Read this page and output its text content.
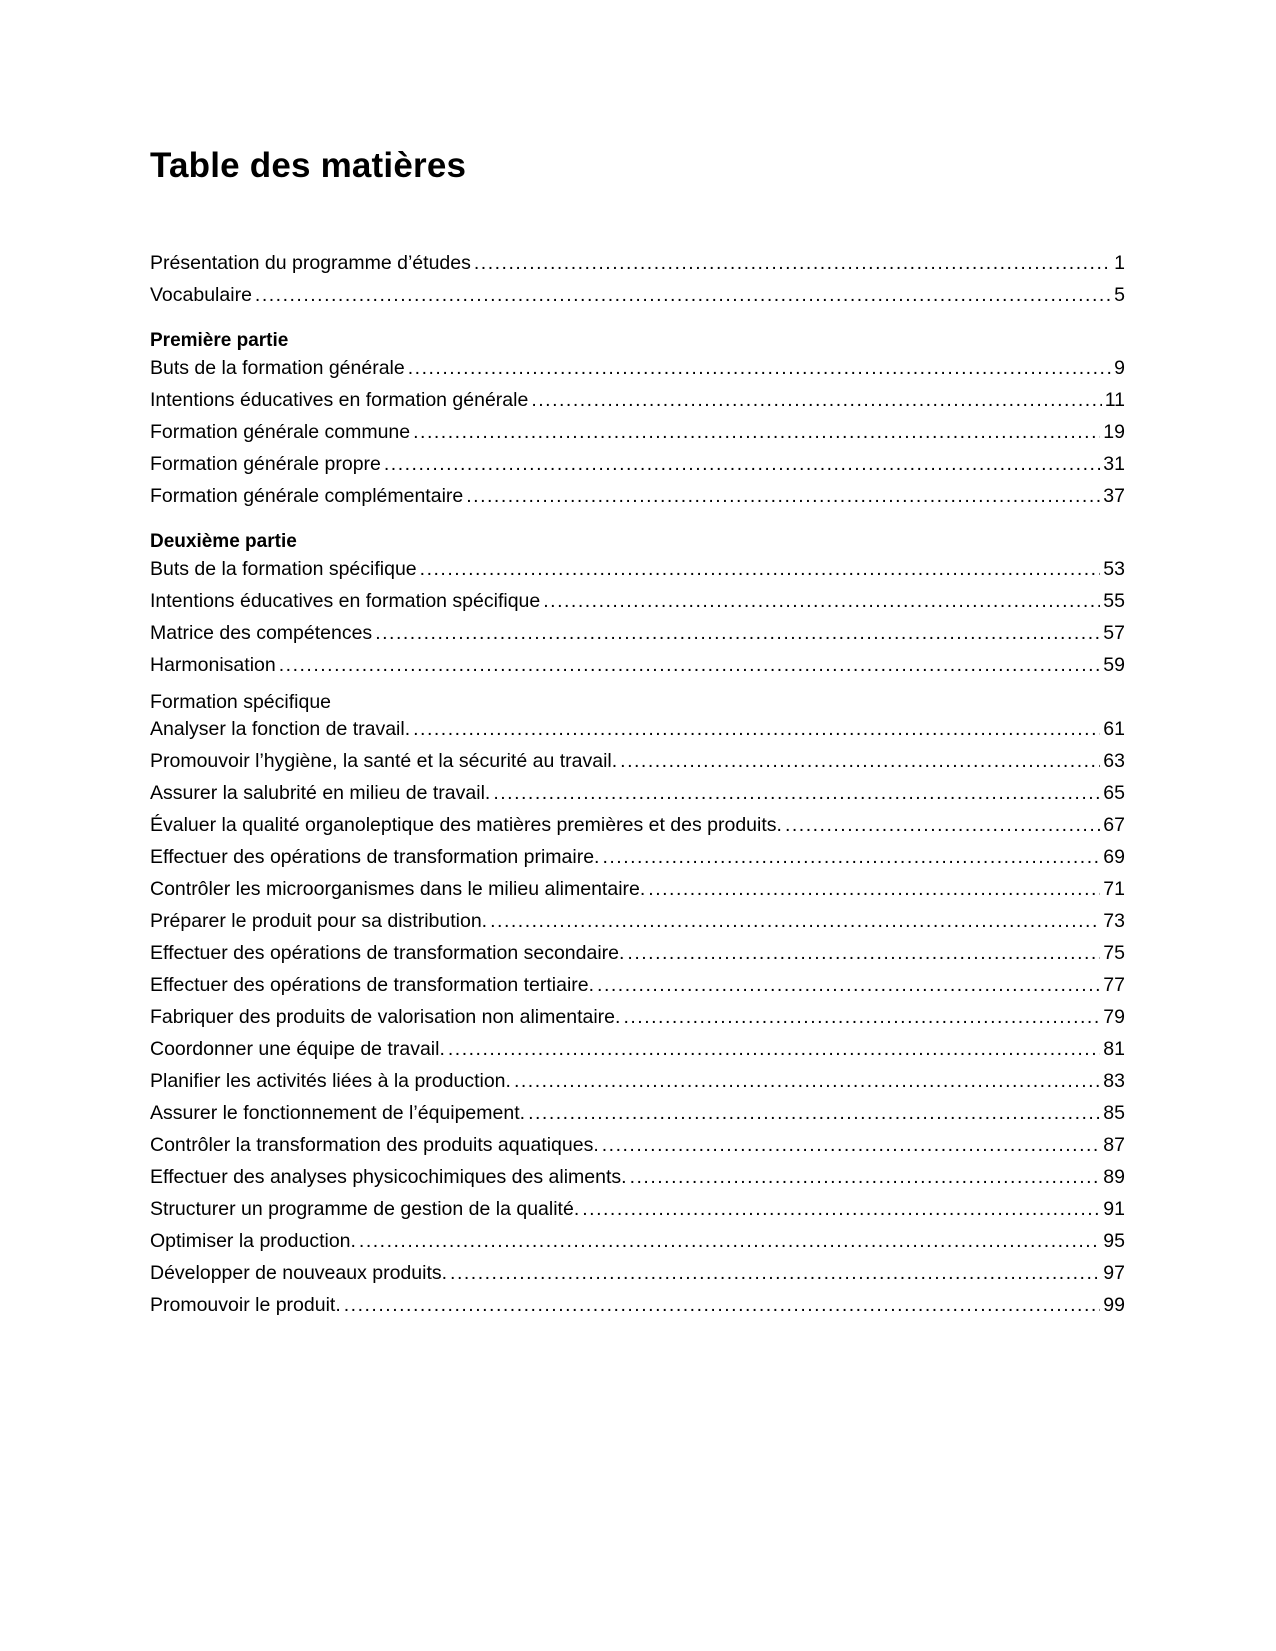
Table des matières
Présentation du programme d’études .....	1
Vocabulaire .....	5
Première partie
Buts de la formation générale .....	9
Intentions éducatives en formation générale .....	11
Formation générale commune .....	19
Formation générale propre .....	31
Formation générale complémentaire .....	37
Deuxième partie
Buts de la formation spécifique .....	53
Intentions éducatives en formation spécifique .....	55
Matrice des compétences .....	57
Harmonisation .....	59
Formation spécifique
Analyser la fonction de travail. .....	61
Promouvoir l’hygiène, la santé et la sécurité au travail. .....	63
Assurer la salubrité en milieu de travail. .....	65
Évaluer la qualité organoleptique des matières premières et des produits. .....	67
Effectuer des opérations de transformation primaire. .....	69
Contrôler les microorganismes dans le milieu alimentaire. .....	71
Préparer le produit pour sa distribution. .....	73
Effectuer des opérations de transformation secondaire. .....	75
Effectuer des opérations de transformation tertiaire. .....	77
Fabriquer des produits de valorisation non alimentaire. .....	79
Coordonner une équipe de travail. .....	81
Planifier les activités liées à la production. .....	83
Assurer le fonctionnement de l’équipement. .....	85
Contrôler la transformation des produits aquatiques. .....	87
Effectuer des analyses physicochimiques des aliments. .....	89
Structurer un programme de gestion de la qualité. .....	91
Optimiser la production. .....	95
Développer de nouveaux produits. .....	97
Promouvoir le produit. .....	99
